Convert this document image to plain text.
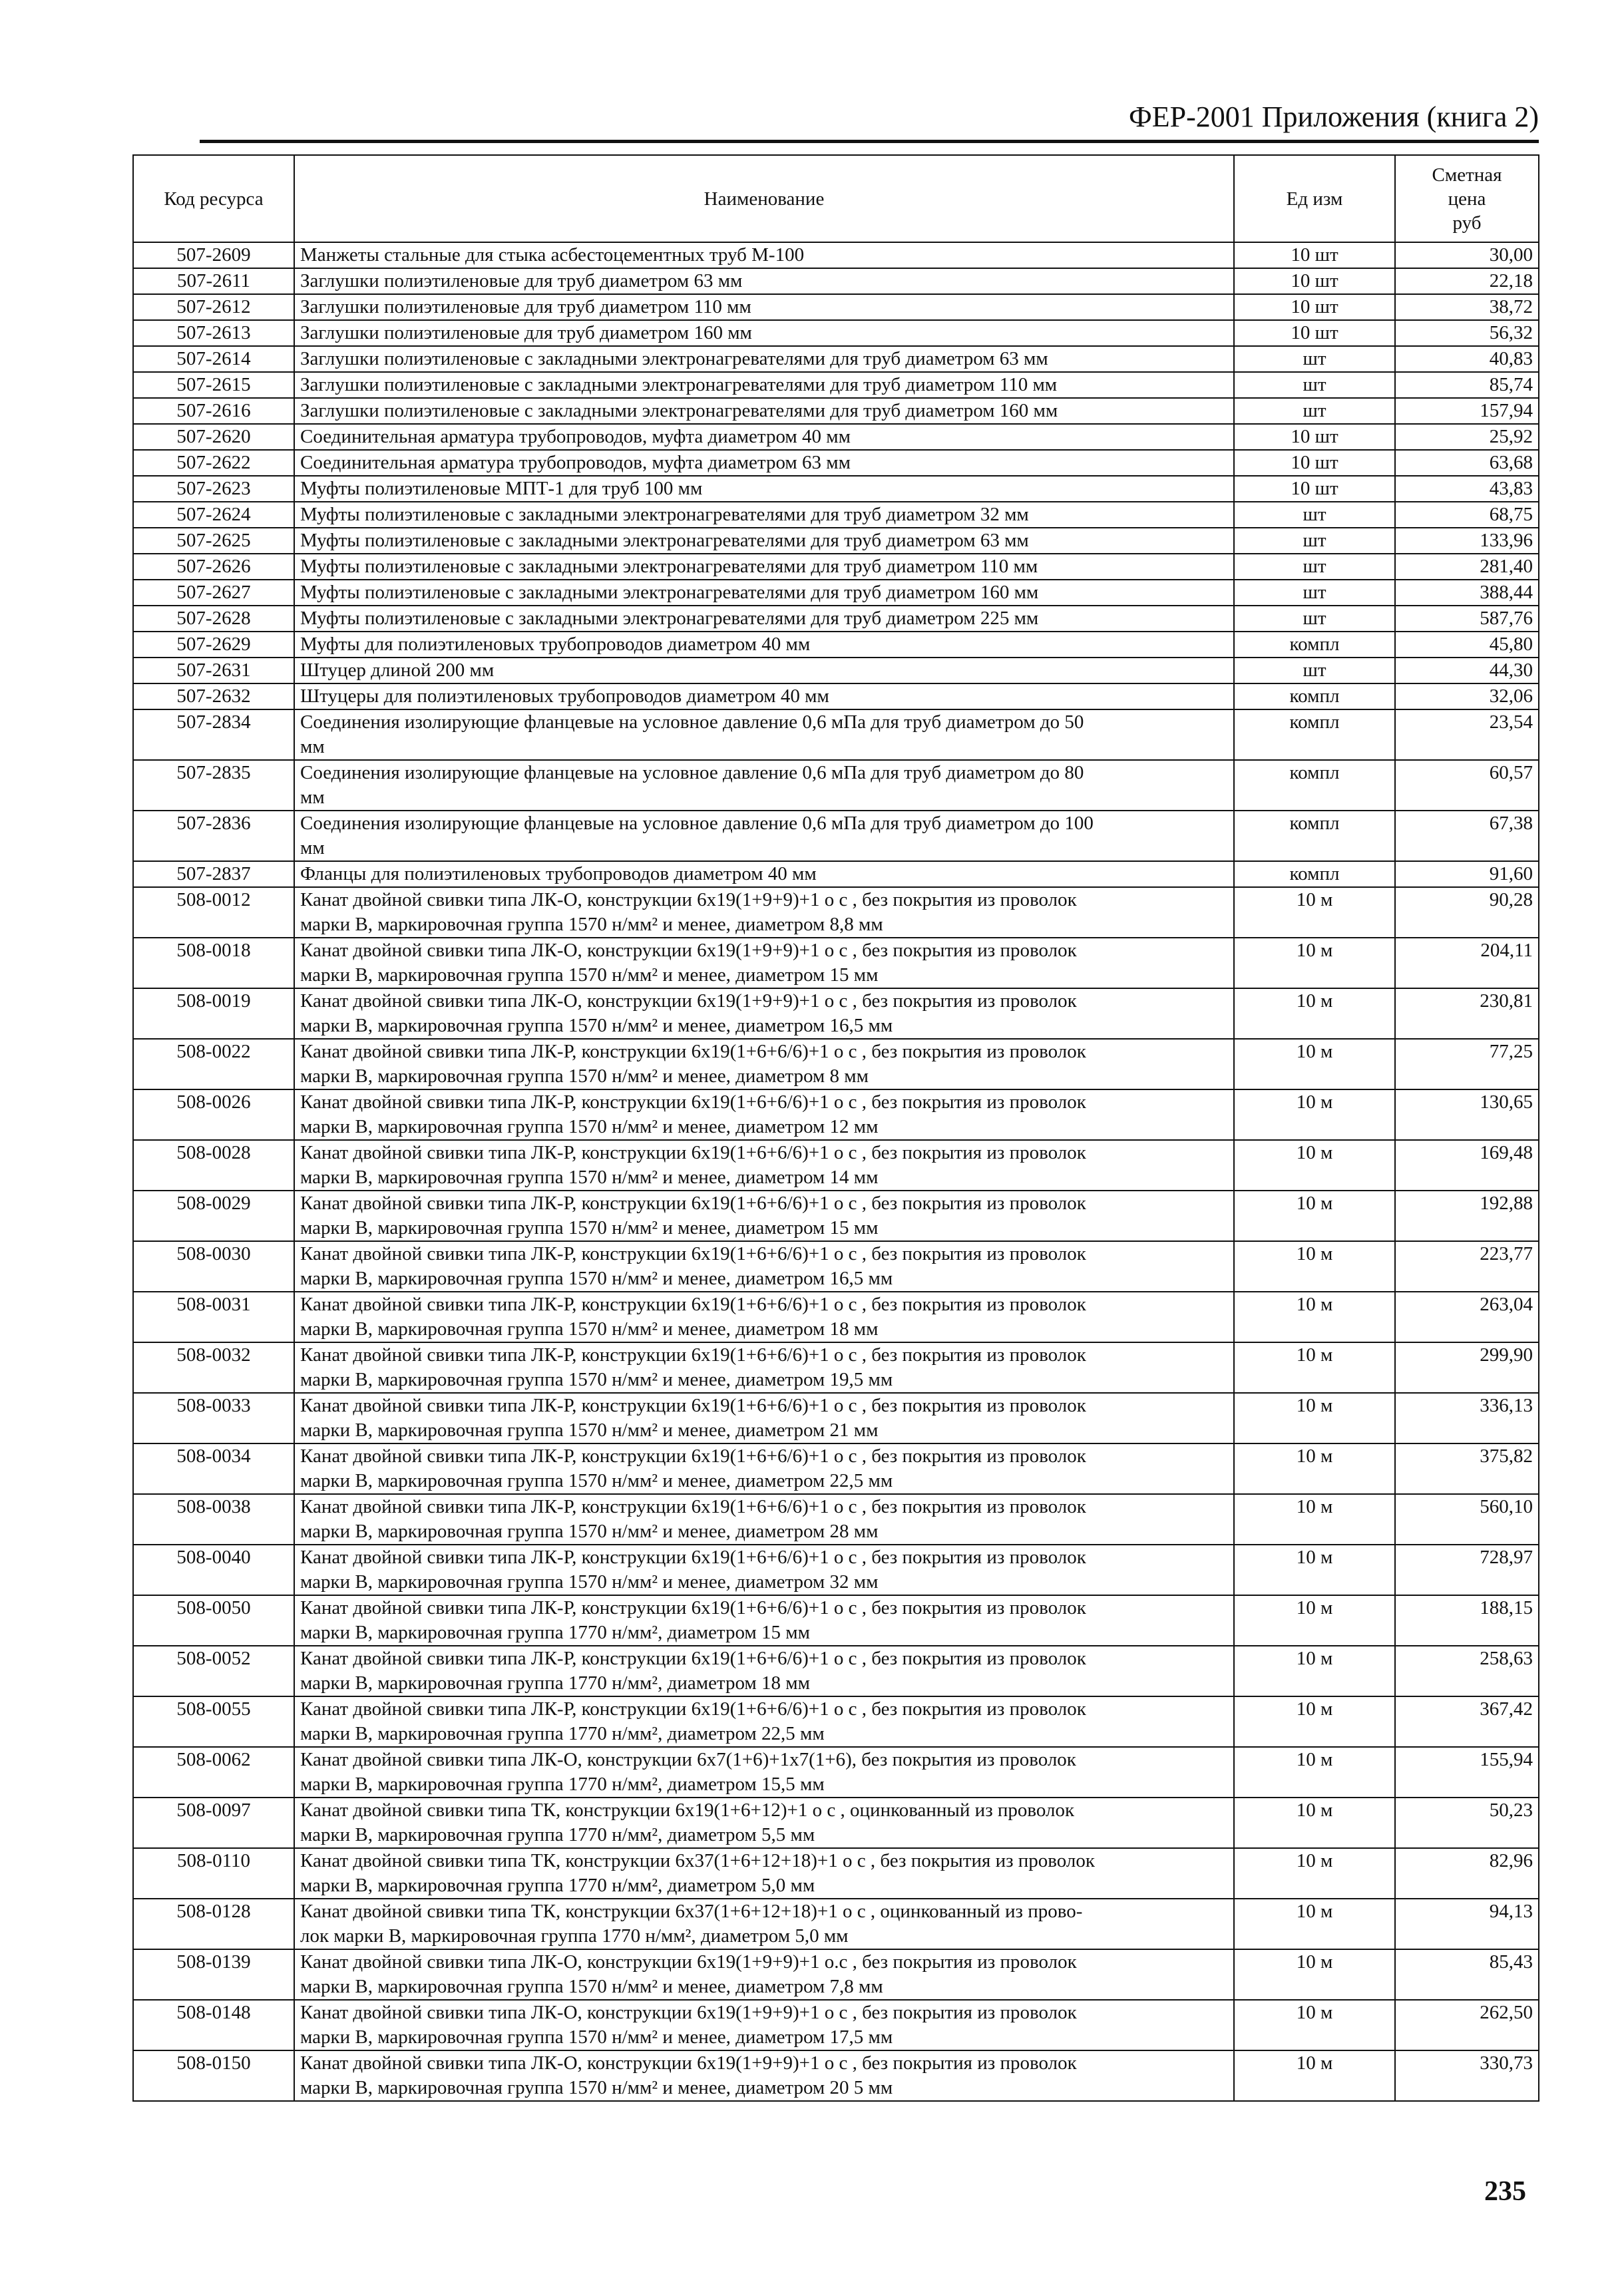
ФЕР-2001 Приложения (книга 2)
Код ресурса	Наименование	Ед изм	Сметная
цена
руб
507-2609	Манжеты стальные для стыка асбестоцементных труб М-100	10 шт	30,00
507-2611	Заглушки полиэтиленовые для труб диаметром 63 мм	10 шт	22,18
507-2612	Заглушки полиэтиленовые для труб диаметром 110 мм	10 шт	38,72
507-2613	Заглушки полиэтиленовые для труб диаметром 160 мм	10 шт	56,32
507-2614	Заглушки полиэтиленовые с закладными электронагревателями для труб диаметром 63 мм	шт	40,83
507-2615	Заглушки полиэтиленовые с закладными электронагревателями для труб диаметром 110 мм	шт	85,74
507-2616	Заглушки полиэтиленовые с закладными электронагревателями для труб диаметром 160 мм	шт	157,94
507-2620	Соединительная арматура трубопроводов, муфта диаметром 40 мм	10 шт	25,92
507-2622	Соединительная арматура трубопроводов, муфта диаметром 63 мм	10 шт	63,68
507-2623	Муфты полиэтиленовые МПТ-1 для труб 100 мм	10 шт	43,83
507-2624	Муфты полиэтиленовые с закладными электронагревателями для труб диаметром 32 мм	шт	68,75
507-2625	Муфты полиэтиленовые с закладными электронагревателями для труб диаметром 63 мм	шт	133,96
507-2626	Муфты полиэтиленовые с закладными электронагревателями для труб диаметром 110 мм	шт	281,40
507-2627	Муфты полиэтиленовые с закладными электронагревателями для труб диаметром 160 мм	шт	388,44
507-2628	Муфты полиэтиленовые с закладными электронагревателями для труб диаметром 225 мм	шт	587,76
507-2629	Муфты для полиэтиленовых трубопроводов диаметром 40 мм	компл	45,80
507-2631	Штуцер длиной 200 мм	шт	44,30
507-2632	Штуцеры для полиэтиленовых трубопроводов диаметром 40 мм	компл	32,06
507-2834	Соединения изолирующие фланцевые на условное давление 0,6 мПа для труб диаметром до 50
мм	компл	23,54
507-2835	Соединения изолирующие фланцевые на условное давление 0,6 мПа для труб диаметром до 80
мм	компл	60,57
507-2836	Соединения изолирующие фланцевые на условное давление 0,6 мПа для труб диаметром до 100
мм	компл	67,38
507-2837	Фланцы для полиэтиленовых трубопроводов диаметром 40 мм	компл	91,60
508-0012	Канат двойной свивки типа ЛК-О, конструкции 6х19(1+9+9)+1 о с , без покрытия из проволок
марки В, маркировочная группа 1570 н/мм² и менее, диаметром 8,8 мм	10 м	90,28
508-0018	Канат двойной свивки типа ЛК-О, конструкции 6х19(1+9+9)+1 о с , без покрытия из проволок
марки В, маркировочная группа 1570 н/мм² и менее, диаметром 15 мм	10 м	204,11
508-0019	Канат двойной свивки типа ЛК-О, конструкции 6х19(1+9+9)+1 о с , без покрытия из проволок
марки В, маркировочная группа 1570 н/мм² и менее, диаметром 16,5 мм	10 м	230,81
508-0022	Канат двойной свивки типа ЛК-Р, конструкции 6х19(1+6+6/6)+1 о с , без покрытия из проволок
марки В, маркировочная группа 1570 н/мм² и менее, диаметром 8 мм	10 м	77,25
508-0026	Канат двойной свивки типа ЛК-Р, конструкции 6х19(1+6+6/6)+1 о с , без покрытия из проволок
марки В, маркировочная группа 1570 н/мм² и менее, диаметром 12 мм	10 м	130,65
508-0028	Канат двойной свивки типа ЛК-Р, конструкции 6х19(1+6+6/6)+1 о с , без покрытия из проволок
марки В, маркировочная группа 1570 н/мм² и менее, диаметром 14 мм	10 м	169,48
508-0029	Канат двойной свивки типа ЛК-Р, конструкции 6х19(1+6+6/6)+1 о с , без покрытия из проволок
марки В, маркировочная группа 1570 н/мм² и менее, диаметром 15 мм	10 м	192,88
508-0030	Канат двойной свивки типа ЛК-Р, конструкции 6х19(1+6+6/6)+1 о с , без покрытия из проволок
марки В, маркировочная группа 1570 н/мм² и менее, диаметром 16,5 мм	10 м	223,77
508-0031	Канат двойной свивки типа ЛК-Р, конструкции 6х19(1+6+6/6)+1 о с , без покрытия из проволок
марки В, маркировочная группа 1570 н/мм² и менее, диаметром 18 мм	10 м	263,04
508-0032	Канат двойной свивки типа ЛК-Р, конструкции 6х19(1+6+6/6)+1 о с , без покрытия из проволок
марки В, маркировочная группа 1570 н/мм² и менее, диаметром 19,5 мм	10 м	299,90
508-0033	Канат двойной свивки типа ЛК-Р, конструкции 6х19(1+6+6/6)+1 о с , без покрытия из проволок
марки В, маркировочная группа 1570 н/мм² и менее, диаметром 21 мм	10 м	336,13
508-0034	Канат двойной свивки типа ЛК-Р, конструкции 6х19(1+6+6/6)+1 о с , без покрытия из проволок
марки В, маркировочная группа 1570 н/мм² и менее, диаметром 22,5 мм	10 м	375,82
508-0038	Канат двойной свивки типа ЛК-Р, конструкции 6х19(1+6+6/6)+1 о с , без покрытия из проволок
марки В, маркировочная группа 1570 н/мм² и менее, диаметром 28 мм	10 м	560,10
508-0040	Канат двойной свивки типа ЛК-Р, конструкции 6х19(1+6+6/6)+1 о с , без покрытия из проволок
марки В, маркировочная группа 1570 н/мм² и менее, диаметром 32 мм	10 м	728,97
508-0050	Канат двойной свивки типа ЛК-Р, конструкции 6х19(1+6+6/6)+1 о с , без покрытия из проволок
марки В, маркировочная группа 1770 н/мм², диаметром 15 мм	10 м	188,15
508-0052	Канат двойной свивки типа ЛК-Р, конструкции 6х19(1+6+6/6)+1 о с , без покрытия из проволок
марки В, маркировочная группа 1770 н/мм², диаметром 18 мм	10 м	258,63
508-0055	Канат двойной свивки типа ЛК-Р, конструкции 6х19(1+6+6/6)+1 о с , без покрытия из проволок
марки В, маркировочная группа 1770 н/мм², диаметром 22,5 мм	10 м	367,42
508-0062	Канат двойной свивки типа ЛК-О, конструкции 6х7(1+6)+1х7(1+6), без покрытия из проволок
марки В, маркировочная группа 1770 н/мм², диаметром 15,5 мм	10 м	155,94
508-0097	Канат двойной свивки типа ТК, конструкции 6х19(1+6+12)+1 о с , оцинкованный из проволок
марки В, маркировочная группа 1770 н/мм², диаметром 5,5 мм	10 м	50,23
508-0110	Канат двойной свивки типа ТК, конструкции 6х37(1+6+12+18)+1 о с , без покрытия из проволок
марки В, маркировочная группа 1770 н/мм², диаметром 5,0 мм	10 м	82,96
508-0128	Канат двойной свивки типа ТК, конструкции 6х37(1+6+12+18)+1 о с , оцинкованный из прово-
лок марки В, маркировочная группа 1770 н/мм², диаметром 5,0 мм	10 м	94,13
508-0139	Канат двойной свивки типа ЛК-О, конструкции 6х19(1+9+9)+1 о.с , без покрытия из проволок
марки В, маркировочная группа 1570 н/мм² и менее, диаметром 7,8 мм	10 м	85,43
508-0148	Канат двойной свивки типа ЛК-О, конструкции 6х19(1+9+9)+1 о с , без покрытия из проволок
марки В, маркировочная группа 1570 н/мм² и менее, диаметром 17,5 мм	10 м	262,50
508-0150	Канат двойной свивки типа ЛК-О, конструкции 6х19(1+9+9)+1 о с , без покрытия из проволок
марки В, маркировочная группа 1570 н/мм² и менее, диаметром 20 5 мм	10 м	330,73
235
